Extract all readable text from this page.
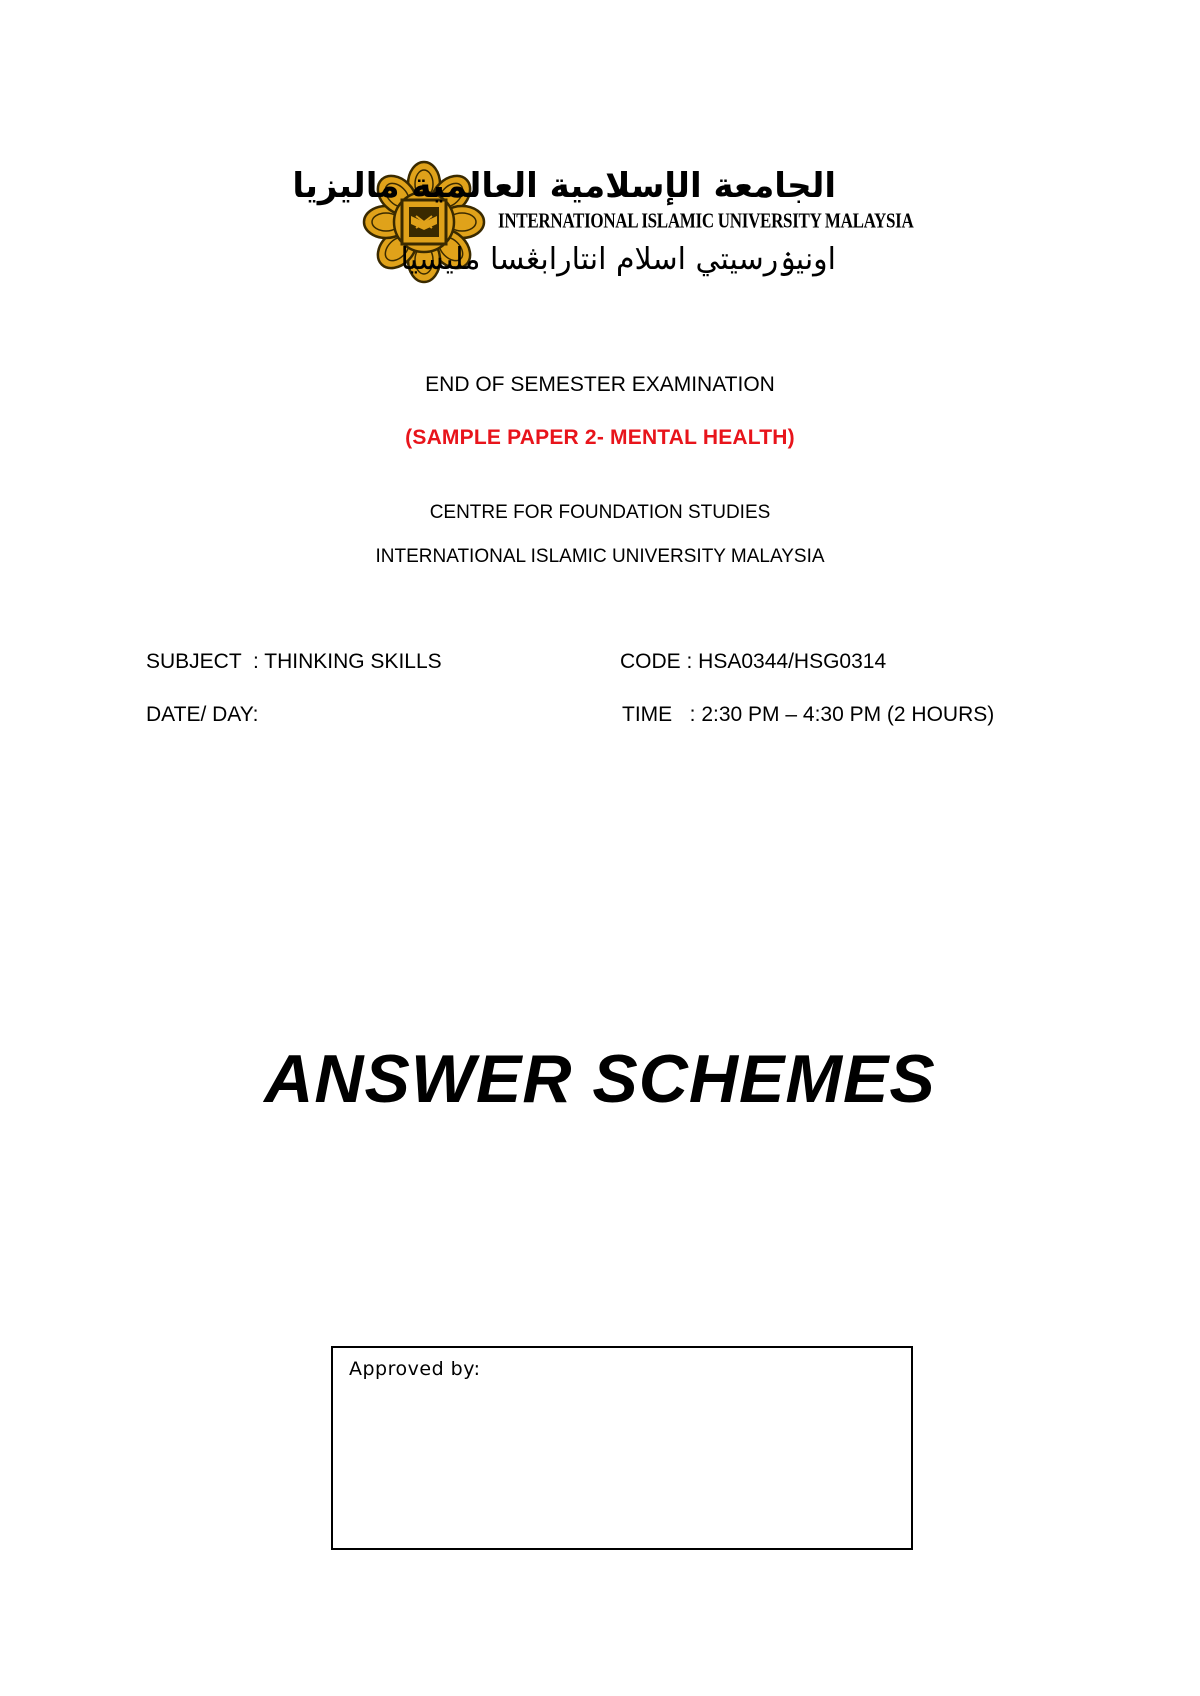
الجامعة الإسلامية العالمية ماليزيا
INTERNATIONAL ISLAMIC UNIVERSITY MALAYSIA
اونيۏرسيتي اسلام انتارابڠسا مليسيا
END OF SEMESTER EXAMINATION
(SAMPLE PAPER 2- MENTAL HEALTH)
CENTRE FOR FOUNDATION STUDIES
INTERNATIONAL ISLAMIC UNIVERSITY MALAYSIA
SUBJECT  : THINKING SKILLS	CODE : HSA0344/HSG0314
DATE/ DAY:	TIME   : 2:30 PM – 4:30 PM (2 HOURS)
ANSWER SCHEMES
Approved by:
